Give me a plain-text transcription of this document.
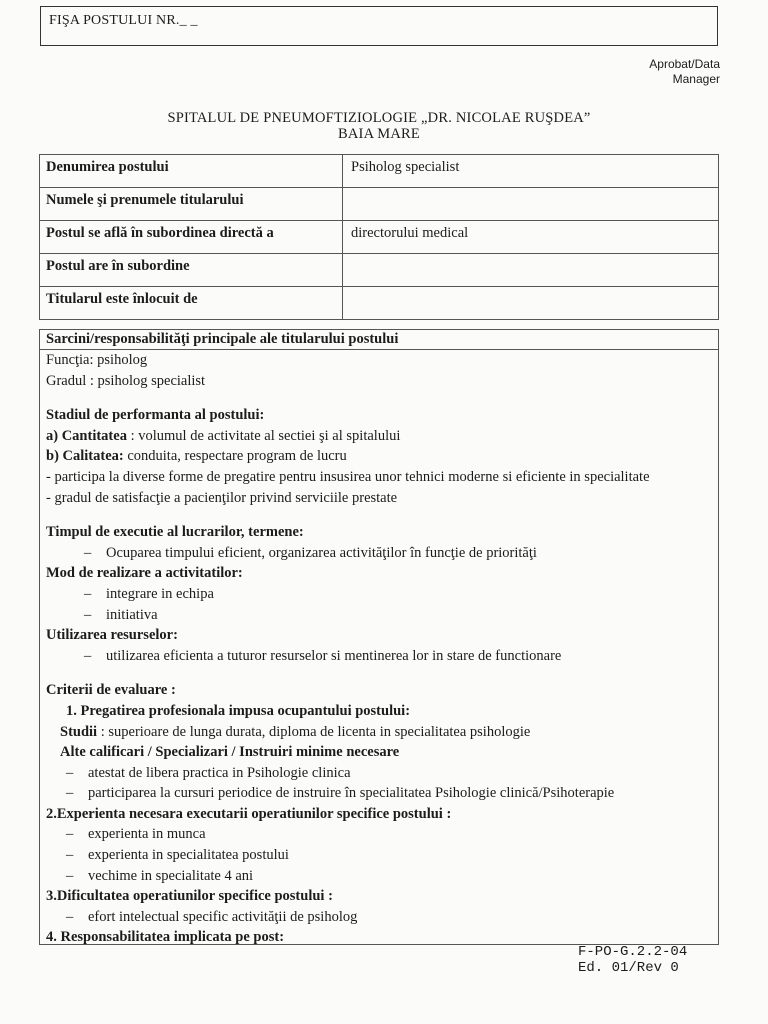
FIŞA POSTULUI NR._ _
Aprobat/Data
Manager
SPITALUL DE PNEUMOFTIZIOLOGIE „DR. NICOLAE RUŞDEA”
BAIA MARE
Denumirea postului	Psiholog specialist
Numele şi prenumele titularului	
Postul se află în subordinea directă a	directorului medical
Postul are în subordine	
Titularul este înlocuit de	
Sarcini/responsabilităţi principale ale titularului postului
Funcţia: psiholog
Gradul : psiholog specialist
Stadiul de performanta al postului:
a) Cantitatea : volumul de activitate al sectiei şi al spitalului
b) Calitatea: conduita, respectare program de lucru
- participa la diverse forme de pregatire pentru insusirea unor tehnici moderne si eficiente in specialitate
- gradul de satisfacţie a pacienţilor privind serviciile prestate
Timpul de executie al lucrarilor, termene:
– Ocuparea timpului eficient, organizarea activităţilor în funcţie de priorităţi
Mod de realizare a activitatilor:
– integrare in echipa
– initiativa
Utilizarea resurselor:
– utilizarea eficienta a tuturor resurselor si mentinerea lor in stare de functionare
Criterii de evaluare :
1. Pregatirea profesionala impusa ocupantului postului:
Studii : superioare de lunga durata, diploma de licenta in specialitatea psihologie
Alte calificari / Specializari / Instruiri minime necesare
– atestat de libera practica in Psihologie clinica
– participarea la cursuri periodice de instruire în specialitatea Psihologie clinică/Psihoterapie
2.Experienta necesara executarii operatiunilor specifice postului :
– experienta in munca
– experienta in specialitatea postului
– vechime in specialitate 4 ani
3.Dificultatea operatiunilor specifice postului :
– efort intelectual specific activităţii de psiholog
4. Responsabilitatea implicata pe post:
F-PO-G.2.2-04
Ed. 01/Rev 0
